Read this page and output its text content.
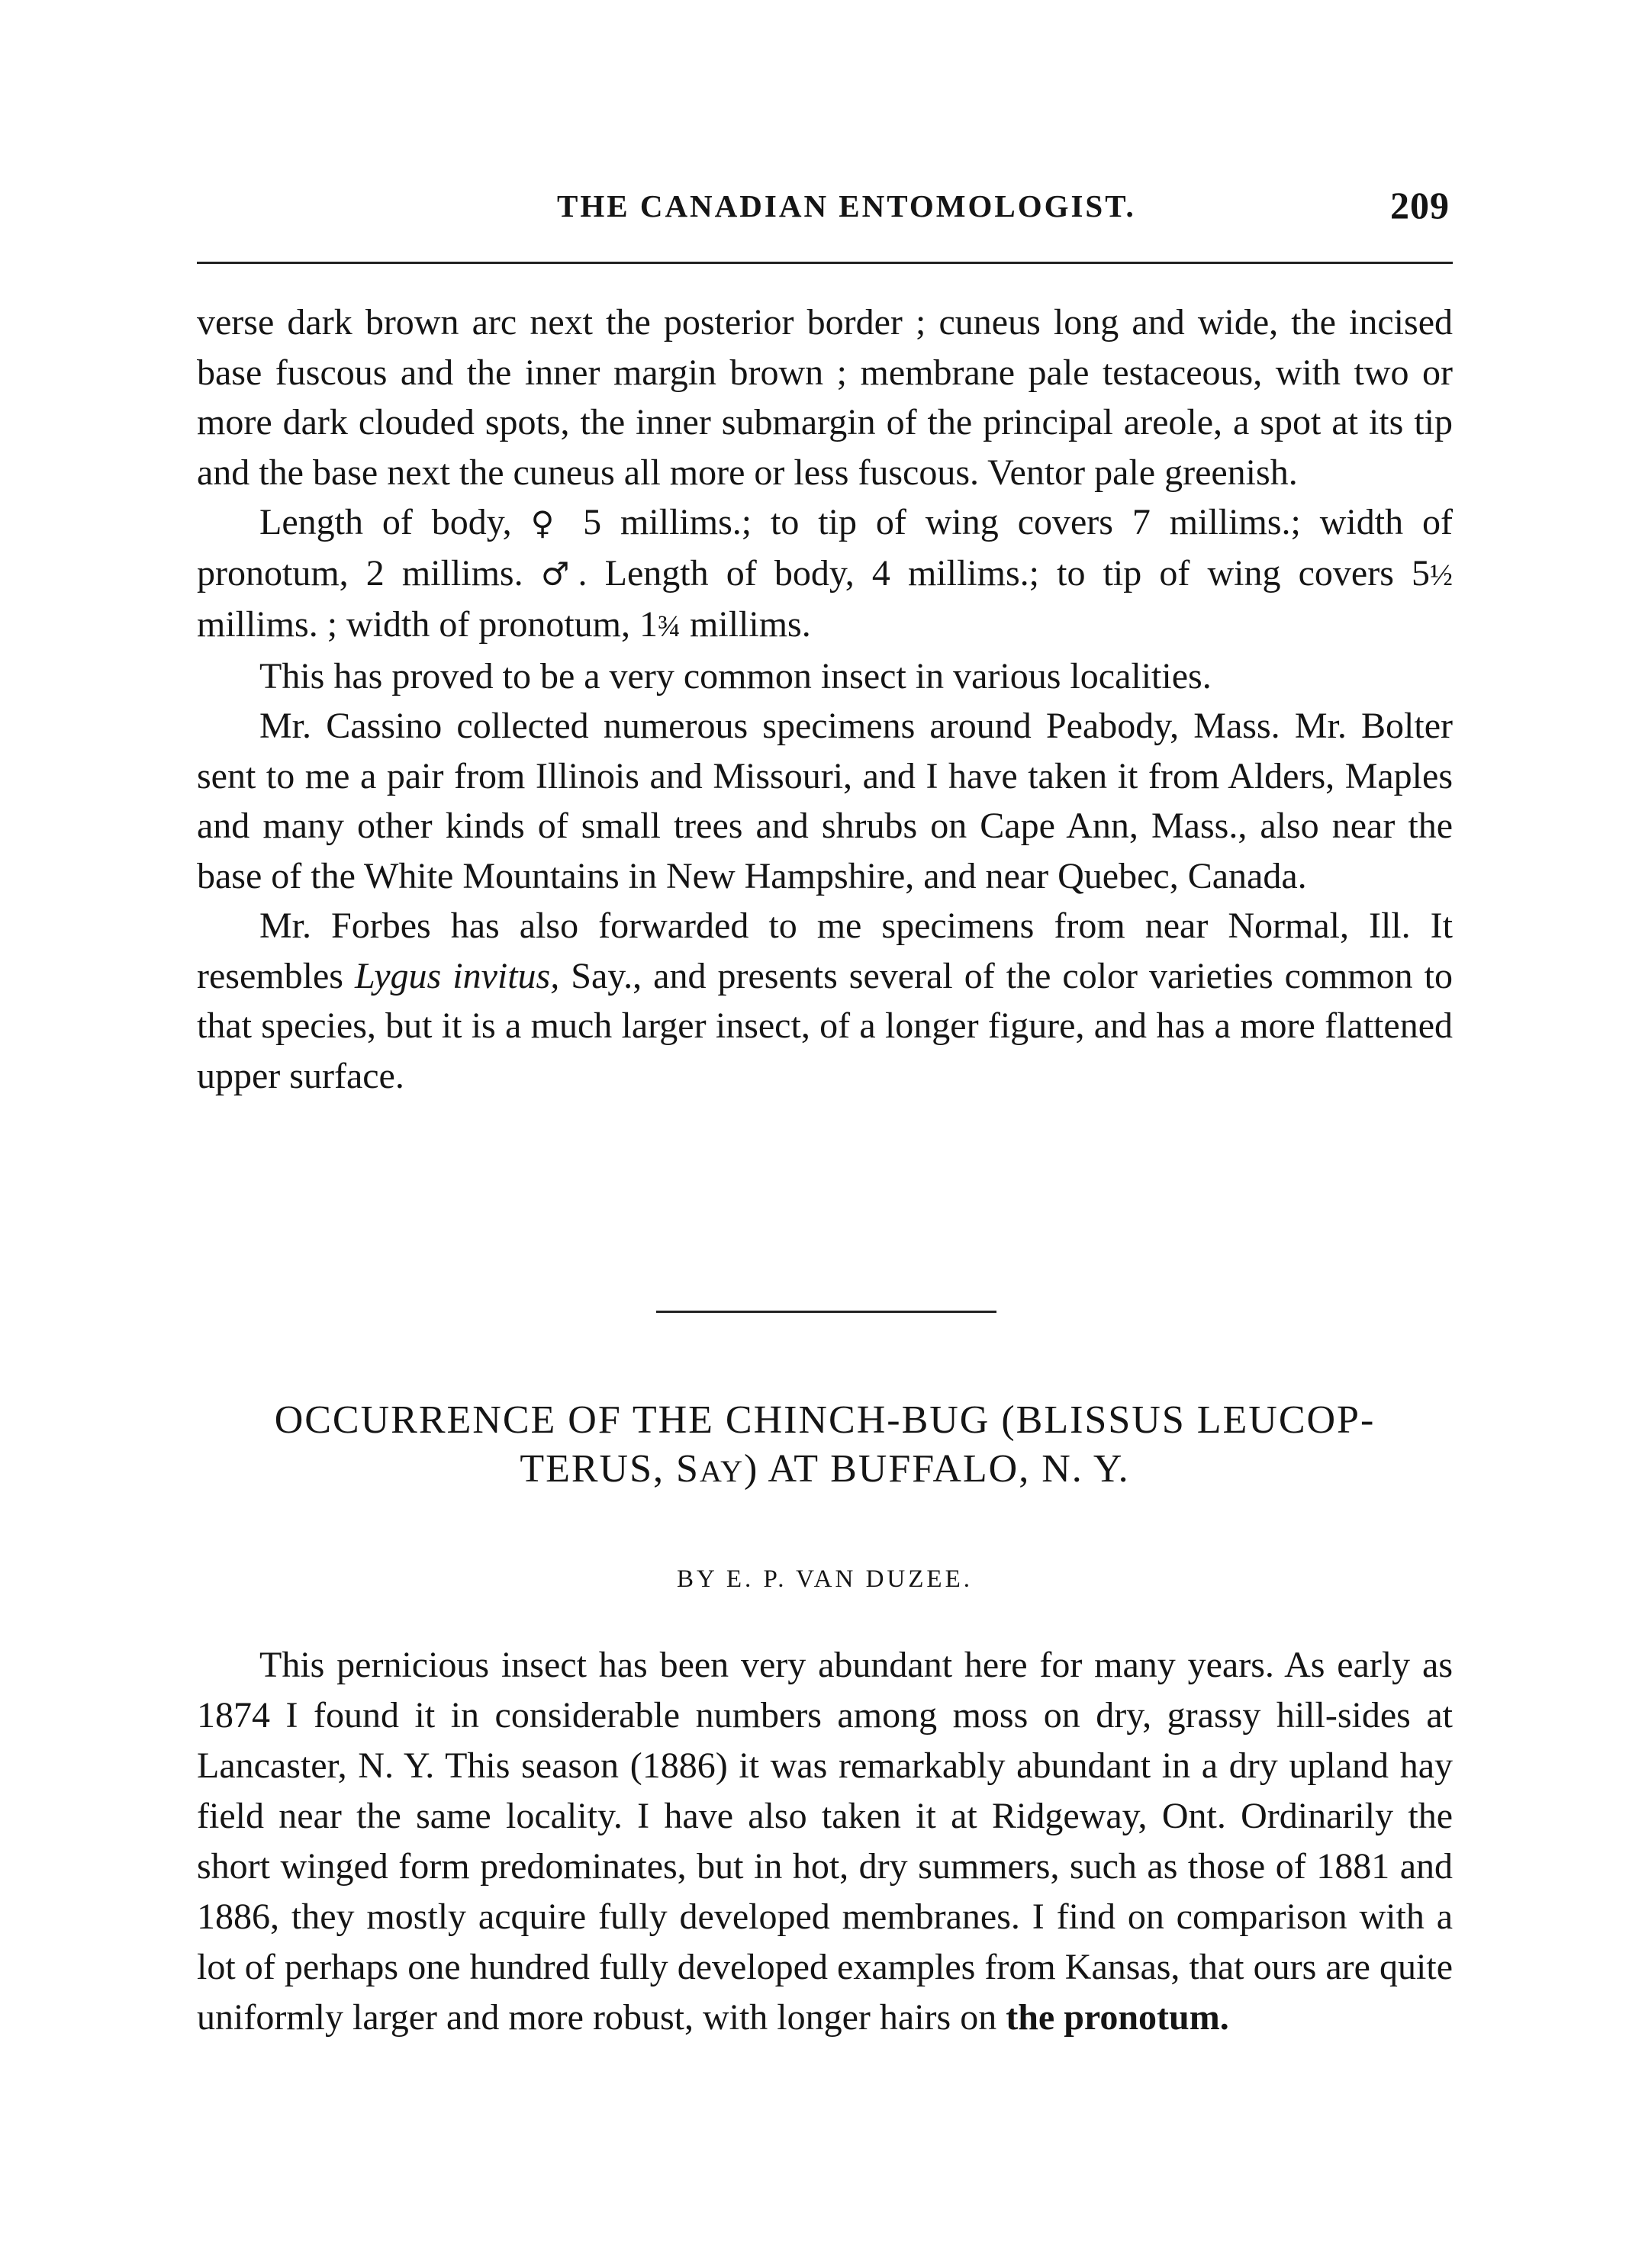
THE CANADIAN ENTOMOLOGIST.	209

verse dark brown arc next the posterior border ; cuneus long and wide, the incised base fuscous and the inner margin brown ; membrane pale testaceous, with two or more dark clouded spots, the inner submargin of the principal areole, a spot at its tip and the base next the cuneus all more or less fuscous. Ventor pale greenish.

Length of body, ♀ 5 millims.; to tip of wing covers 7 millims.; width of pronotum, 2 millims. ♂. Length of body, 4 millims.; to tip of wing covers 5½ millims. ; width of pronotum, 1¾ millims.

This has proved to be a very common insect in various localities.

Mr. Cassino collected numerous specimens around Peabody, Mass. Mr. Bolter sent to me a pair from Illinois and Missouri, and I have taken it from Alders, Maples and many other kinds of small trees and shrubs on Cape Ann, Mass., also near the base of the White Mountains in New Hampshire, and near Quebec, Canada.

Mr. Forbes has also forwarded to me specimens from near Normal, Ill. It resembles Lygus invitus, Say., and presents several of the color varieties common to that species, but it is a much larger insect, of a longer figure, and has a more flattened upper surface.

OCCURRENCE OF THE CHINCH-BUG (BLISSUS LEUCOP-

TERUS, SAY) AT BUFFALO, N. Y.

BY E. P. VAN DUZEE.

This pernicious insect has been very abundant here for many years. As early as 1874 I found it in considerable numbers among moss on dry, grassy hill-sides at Lancaster, N. Y. This season (1886) it was remarkably abundant in a dry upland hay field near the same locality. I have also taken it at Ridgeway, Ont. Ordinarily the short winged form predominates, but in hot, dry summers, such as those of 1881 and 1886, they mostly acquire fully developed membranes. I find on comparison with a lot of perhaps one hundred fully developed examples from Kansas, that ours are quite uniformly larger and more robust, with longer hairs on the pronotum.
